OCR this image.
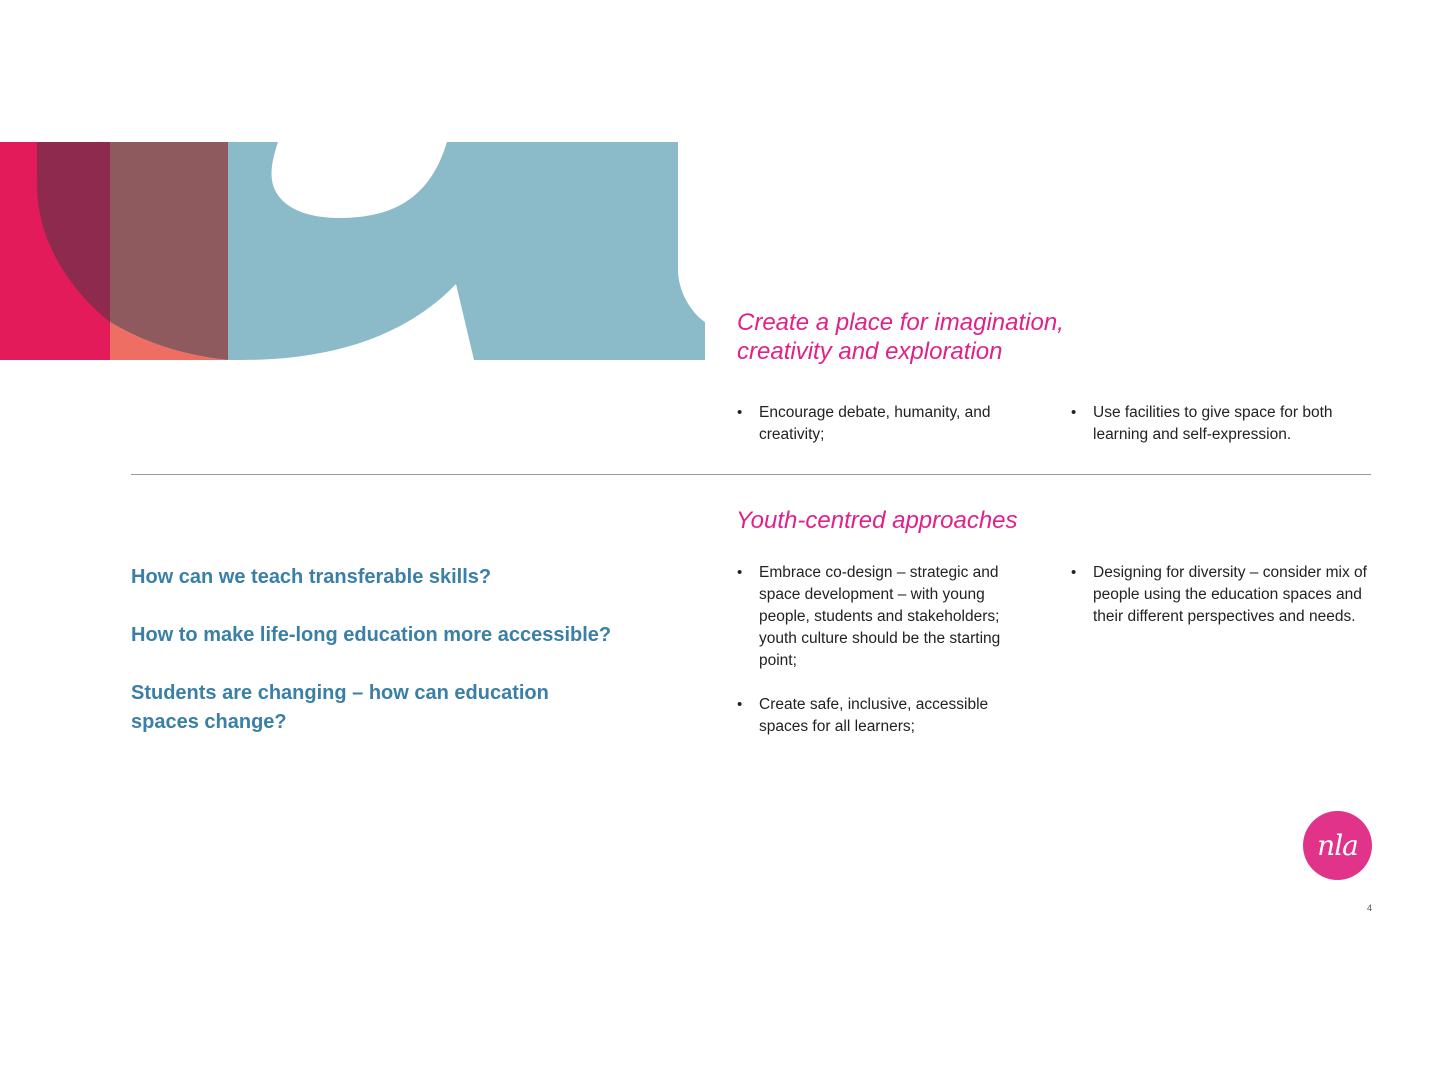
Create a place for imagination, creativity and exploration
• Encourage debate, humanity, and creativity;
• Use facilities to give space for both learning and self-expression.
Youth-centred approaches
• Embrace co-design – strategic and space development – with young people, students and stakeholders; youth culture should be the starting point;
• Create safe, inclusive, accessible spaces for all learners;
• Designing for diversity – consider mix of people using the education spaces and their different perspectives and needs.

How can we teach transferable skills?

How to make life-long education more accessible?

Students are changing – how can education spaces change?

nla
4
